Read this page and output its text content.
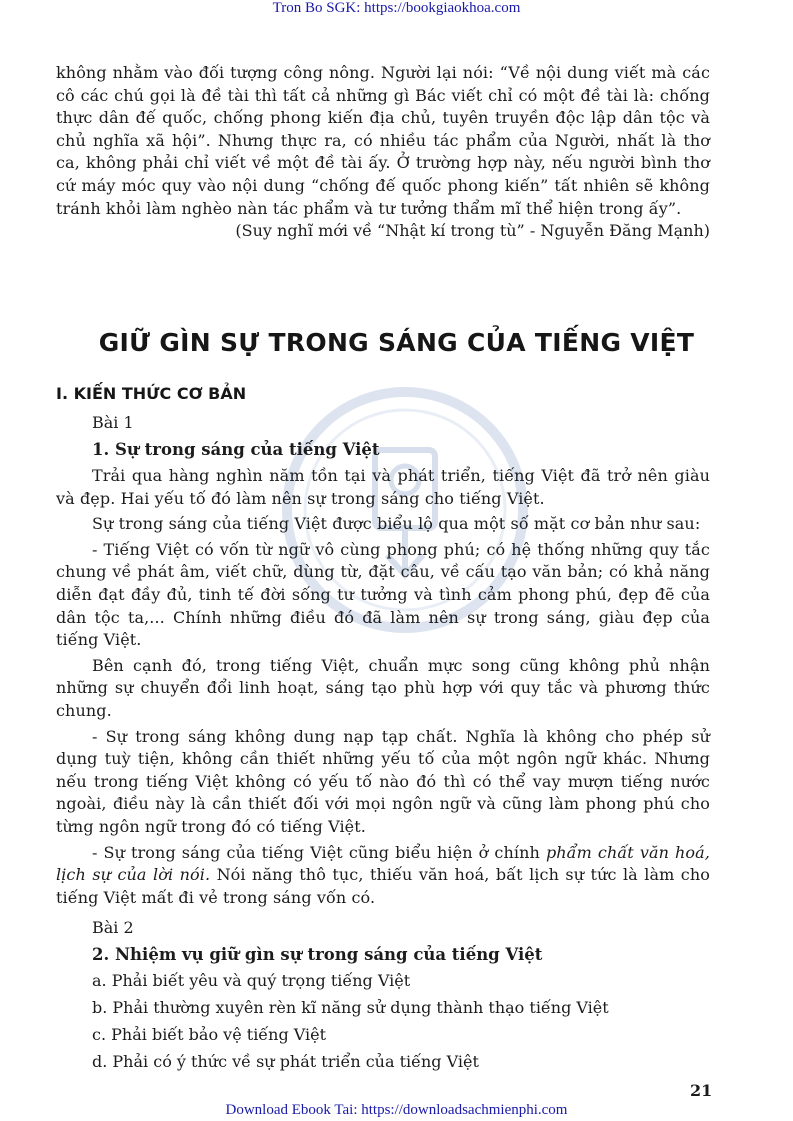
Tron Bo SGK: https://bookgiaokhoa.com

không nhằm vào đối tượng công nông. Người lại nói: “Về nội dung viết mà các cô các chú gọi là đề tài thì tất cả những gì Bác viết chỉ có một đề tài là: chống thực dân đế quốc, chống phong kiến địa chủ, tuyên truyền độc lập dân tộc và chủ nghĩa xã hội”. Nhưng thực ra, có nhiều tác phẩm của Người, nhất là thơ ca, không phải chỉ viết về một đề tài ấy. Ở trường hợp này, nếu người bình thơ cứ máy móc quy vào nội dung “chống đế quốc phong kiến” tất nhiên sẽ không tránh khỏi làm nghèo nàn tác phẩm và tư tưởng thẩm mĩ thể hiện trong ấy”.

(Suy nghĩ mới về “Nhật kí trong tù” - Nguyễn Đăng Mạnh)

GIỮ GÌN SỰ TRONG SÁNG CỦA TIẾNG VIỆT
I. KIẾN THỨC CƠ BẢN

Bài 1

1. Sự trong sáng của tiếng Việt

Trải qua hàng nghìn năm tồn tại và phát triển, tiếng Việt đã trở nên giàu và đẹp. Hai yếu tố đó làm nên sự trong sáng cho tiếng Việt.

Sự trong sáng của tiếng Việt được biểu lộ qua một số mặt cơ bản như sau:

- Tiếng Việt có vốn từ ngữ vô cùng phong phú; có hệ thống những quy tắc chung về phát âm, viết chữ, dùng từ, đặt câu, về cấu tạo văn bản; có khả năng diễn đạt đầy đủ, tinh tế đời sống tư tưởng và tình cảm phong phú, đẹp đẽ của dân tộc ta,... Chính những điều đó đã làm nên sự trong sáng, giàu đẹp của tiếng Việt.

Bên cạnh đó, trong tiếng Việt, chuẩn mực song cũng không phủ nhận những sự chuyển đổi linh hoạt, sáng tạo phù hợp với quy tắc và phương thức chung.

- Sự trong sáng không dung nạp tạp chất. Nghĩa là không cho phép sử dụng tuỳ tiện, không cần thiết những yếu tố của một ngôn ngữ khác. Nhưng nếu trong tiếng Việt không có yếu tố nào đó thì có thể vay mượn tiếng nước ngoài, điều này là cần thiết đối với mọi ngôn ngữ và cũng làm phong phú cho từng ngôn ngữ trong đó có tiếng Việt.

- Sự trong sáng của tiếng Việt cũng biểu hiện ở chính phẩm chất văn hoá, lịch sự của lời nói. Nói năng thô tục, thiếu văn hoá, bất lịch sự tức là làm cho tiếng Việt mất đi vẻ trong sáng vốn có.

Bài 2

2. Nhiệm vụ giữ gìn sự trong sáng của tiếng Việt

a. Phải biết yêu và quý trọng tiếng Việt

b. Phải thường xuyên rèn kĩ năng sử dụng thành thạo tiếng Việt

c. Phải biết bảo vệ tiếng Việt

d. Phải có ý thức về sự phát triển của tiếng Việt

21
Download Ebook Tai: https://downloadsachmienphi.com
